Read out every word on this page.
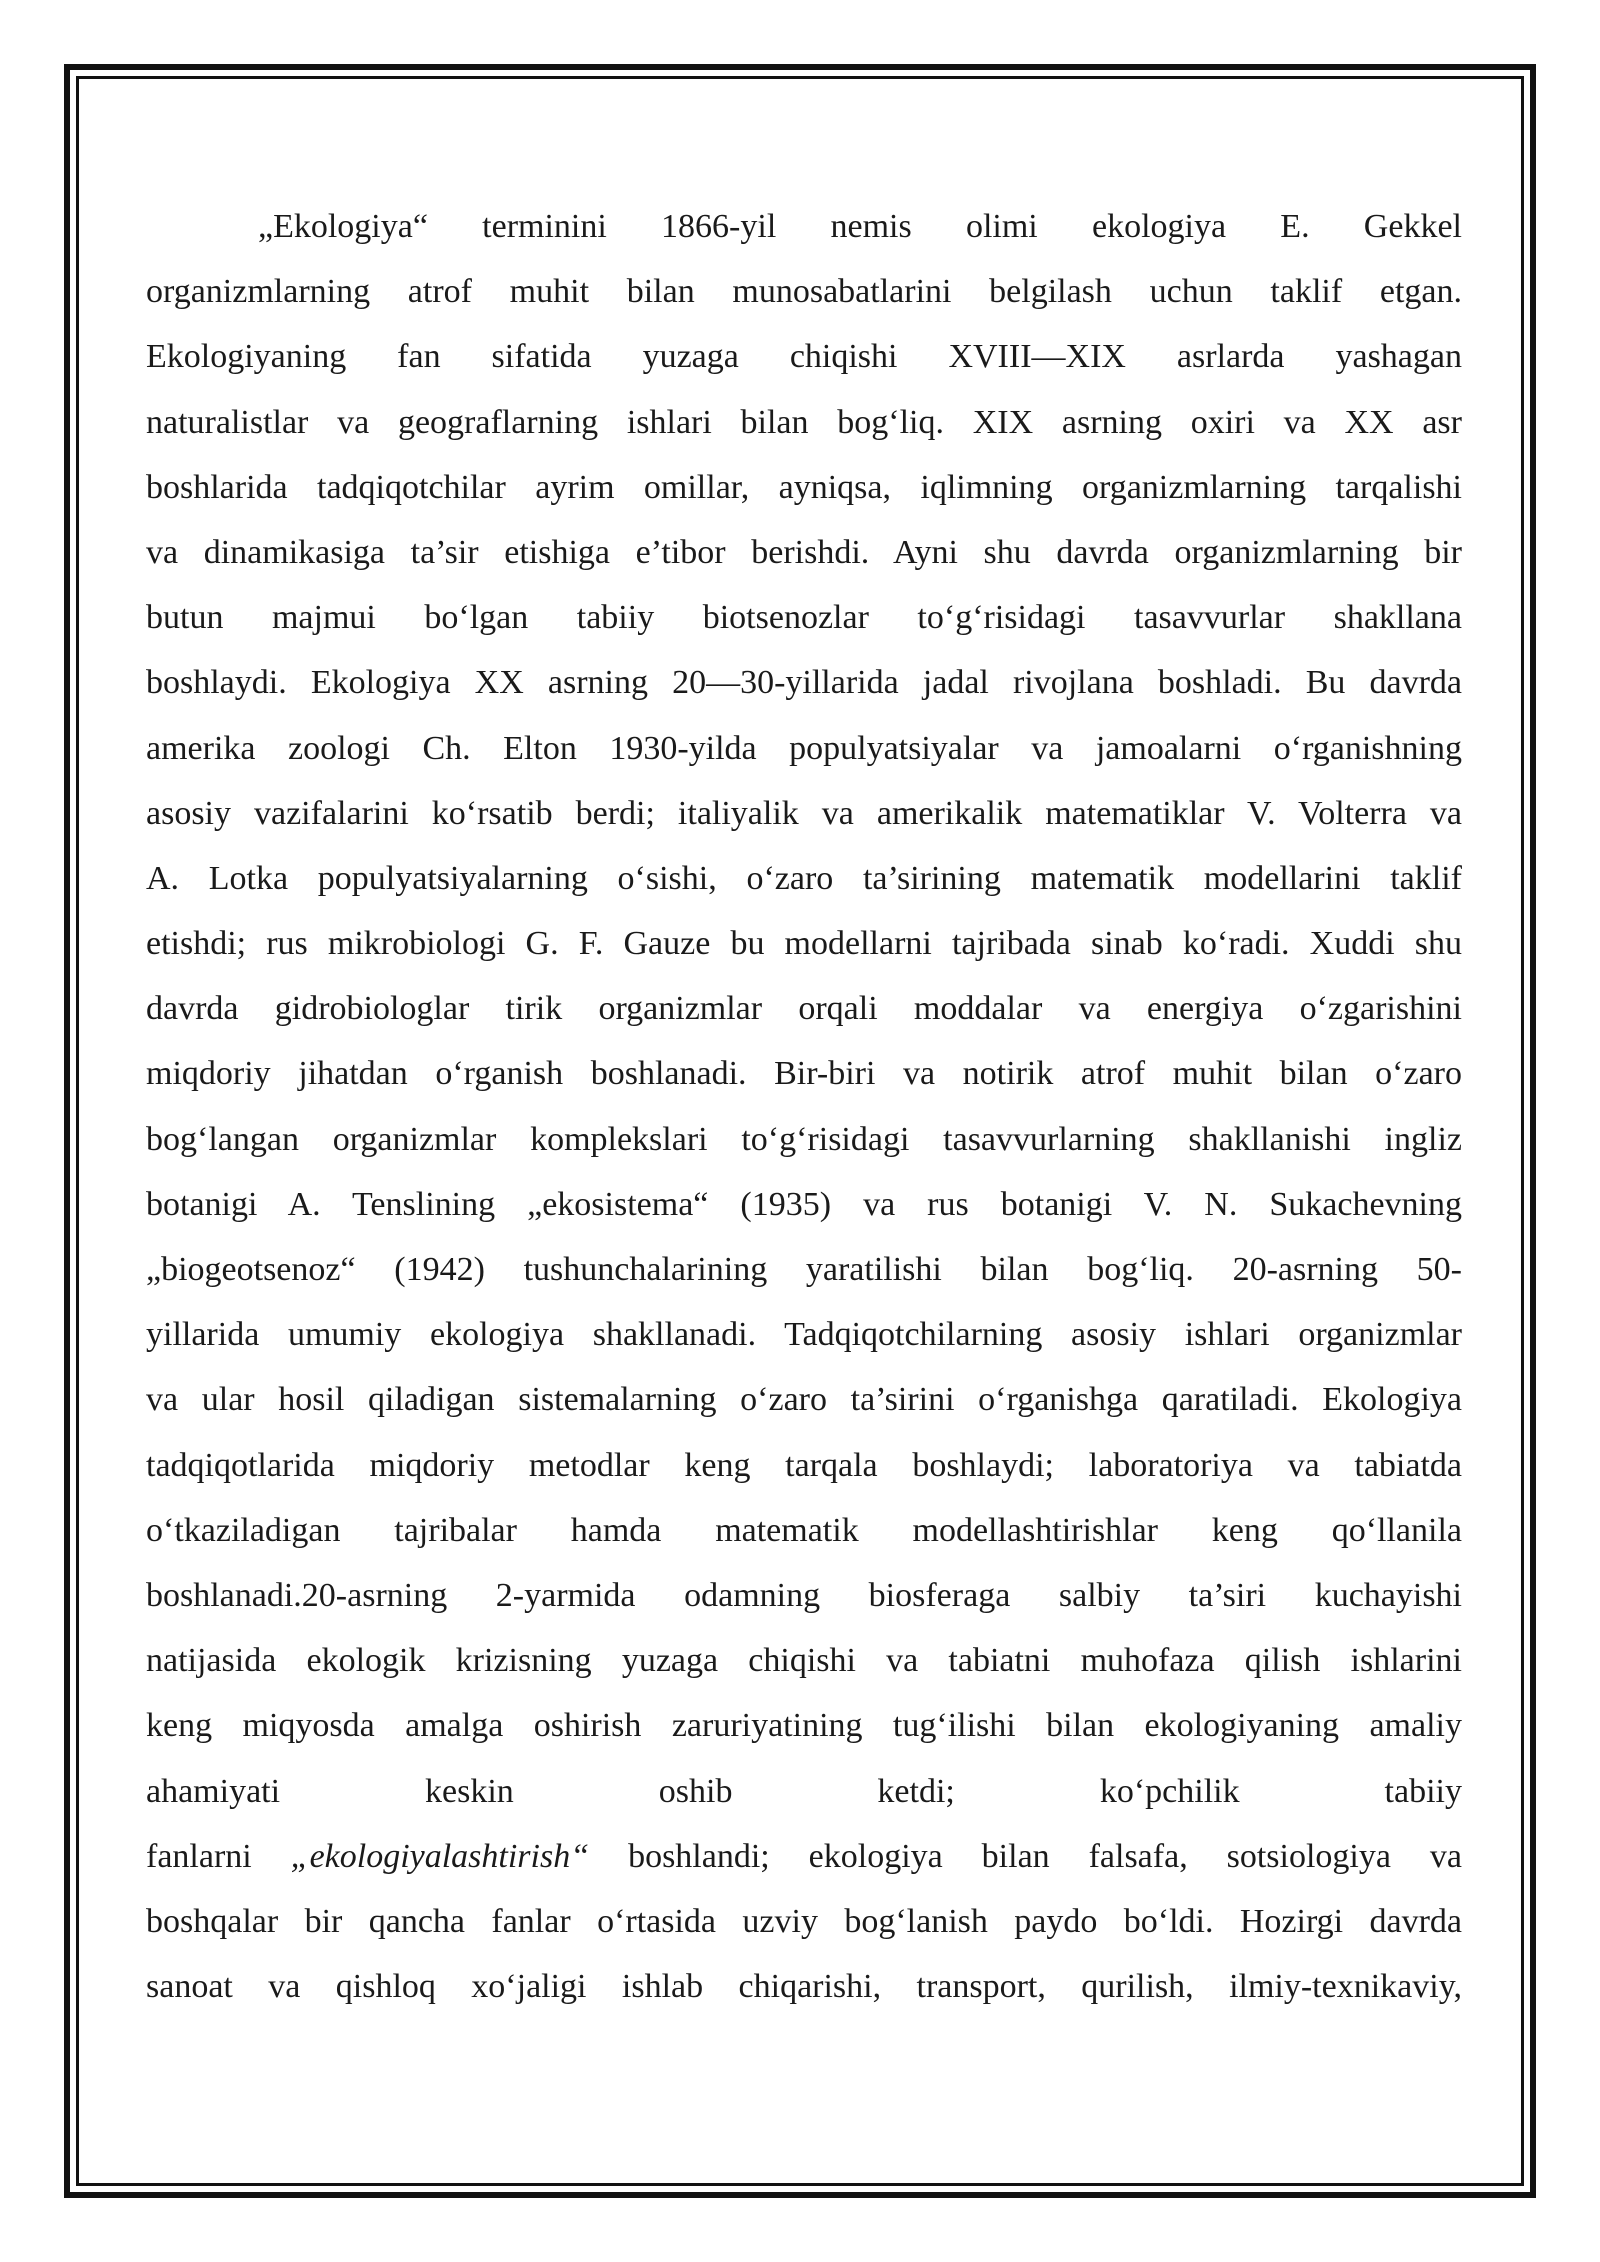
„Ekologiya“ terminini 1866-yil nemis olimi ekologiya E. Gekkel
organizmlarning atrof muhit bilan munosabatlarini belgilash uchun taklif etgan.
Ekologiyaning fan sifatida yuzaga chiqishi XVIII—XIX asrlarda yashagan
naturalistlar va geograflarning ishlari bilan bog‘liq. XIX asrning oxiri va XX asr
boshlarida tadqiqotchilar ayrim omillar, ayniqsa, iqlimning organizmlarning tarqalishi
va dinamikasiga ta’sir etishiga e’tibor berishdi. Ayni shu davrda organizmlarning bir
butun majmui bo‘lgan tabiiy biotsenozlar to‘g‘risidagi tasavvurlar shakllana
boshlaydi. Ekologiya XX asrning 20—30-yillarida jadal rivojlana boshladi. Bu davrda
amerika zoologi Ch. Elton 1930-yilda populyatsiyalar va jamoalarni o‘rganishning
asosiy vazifalarini ko‘rsatib berdi; italiyalik va amerikalik matematiklar V. Volterra va
A. Lotka populyatsiyalarning o‘sishi, o‘zaro ta’sirining matematik modellarini taklif
etishdi; rus mikrobiologi G. F. Gauze bu modellarni tajribada sinab ko‘radi. Xuddi shu
davrda gidrobiologlar tirik organizmlar orqali moddalar va energiya o‘zgarishini
miqdoriy jihatdan o‘rganish boshlanadi. Bir-biri va notirik atrof muhit bilan o‘zaro
bog‘langan organizmlar komplekslari to‘g‘risidagi tasavvurlarning shakllanishi ingliz
botanigi A. Tenslining „ekosistema“ (1935) va rus botanigi V. N. Sukachevning
„biogeotsenoz“ (1942) tushunchalarining yaratilishi bilan bog‘liq. 20-asrning 50-
yillarida umumiy ekologiya shakllanadi. Tadqiqotchilarning asosiy ishlari organizmlar
va ular hosil qiladigan sistemalarning o‘zaro ta’sirini o‘rganishga qaratiladi. Ekologiya
tadqiqotlarida miqdoriy metodlar keng tarqala boshlaydi; laboratoriya va tabiatda
o‘tkaziladigan tajribalar hamda matematik modellashtirishlar keng qo‘llanila
boshlanadi.20-asrning 2-yarmida odamning biosferaga salbiy ta’siri kuchayishi
natijasida ekologik krizisning yuzaga chiqishi va tabiatni muhofaza qilish ishlarini
keng miqyosda amalga oshirish zaruriyatining tug‘ilishi bilan ekologiyaning amaliy
ahamiyati keskin oshib ketdi; ko‘pchilik tabiiy
fanlarni „ekologiyalashtirish“ boshlandi; ekologiya bilan falsafa, sotsiologiya va
boshqalar bir qancha fanlar o‘rtasida uzviy bog‘lanish paydo bo‘ldi. Hozirgi davrda
sanoat va qishloq xo‘jaligi ishlab chiqarishi, transport, qurilish, ilmiy-texnikaviy,
